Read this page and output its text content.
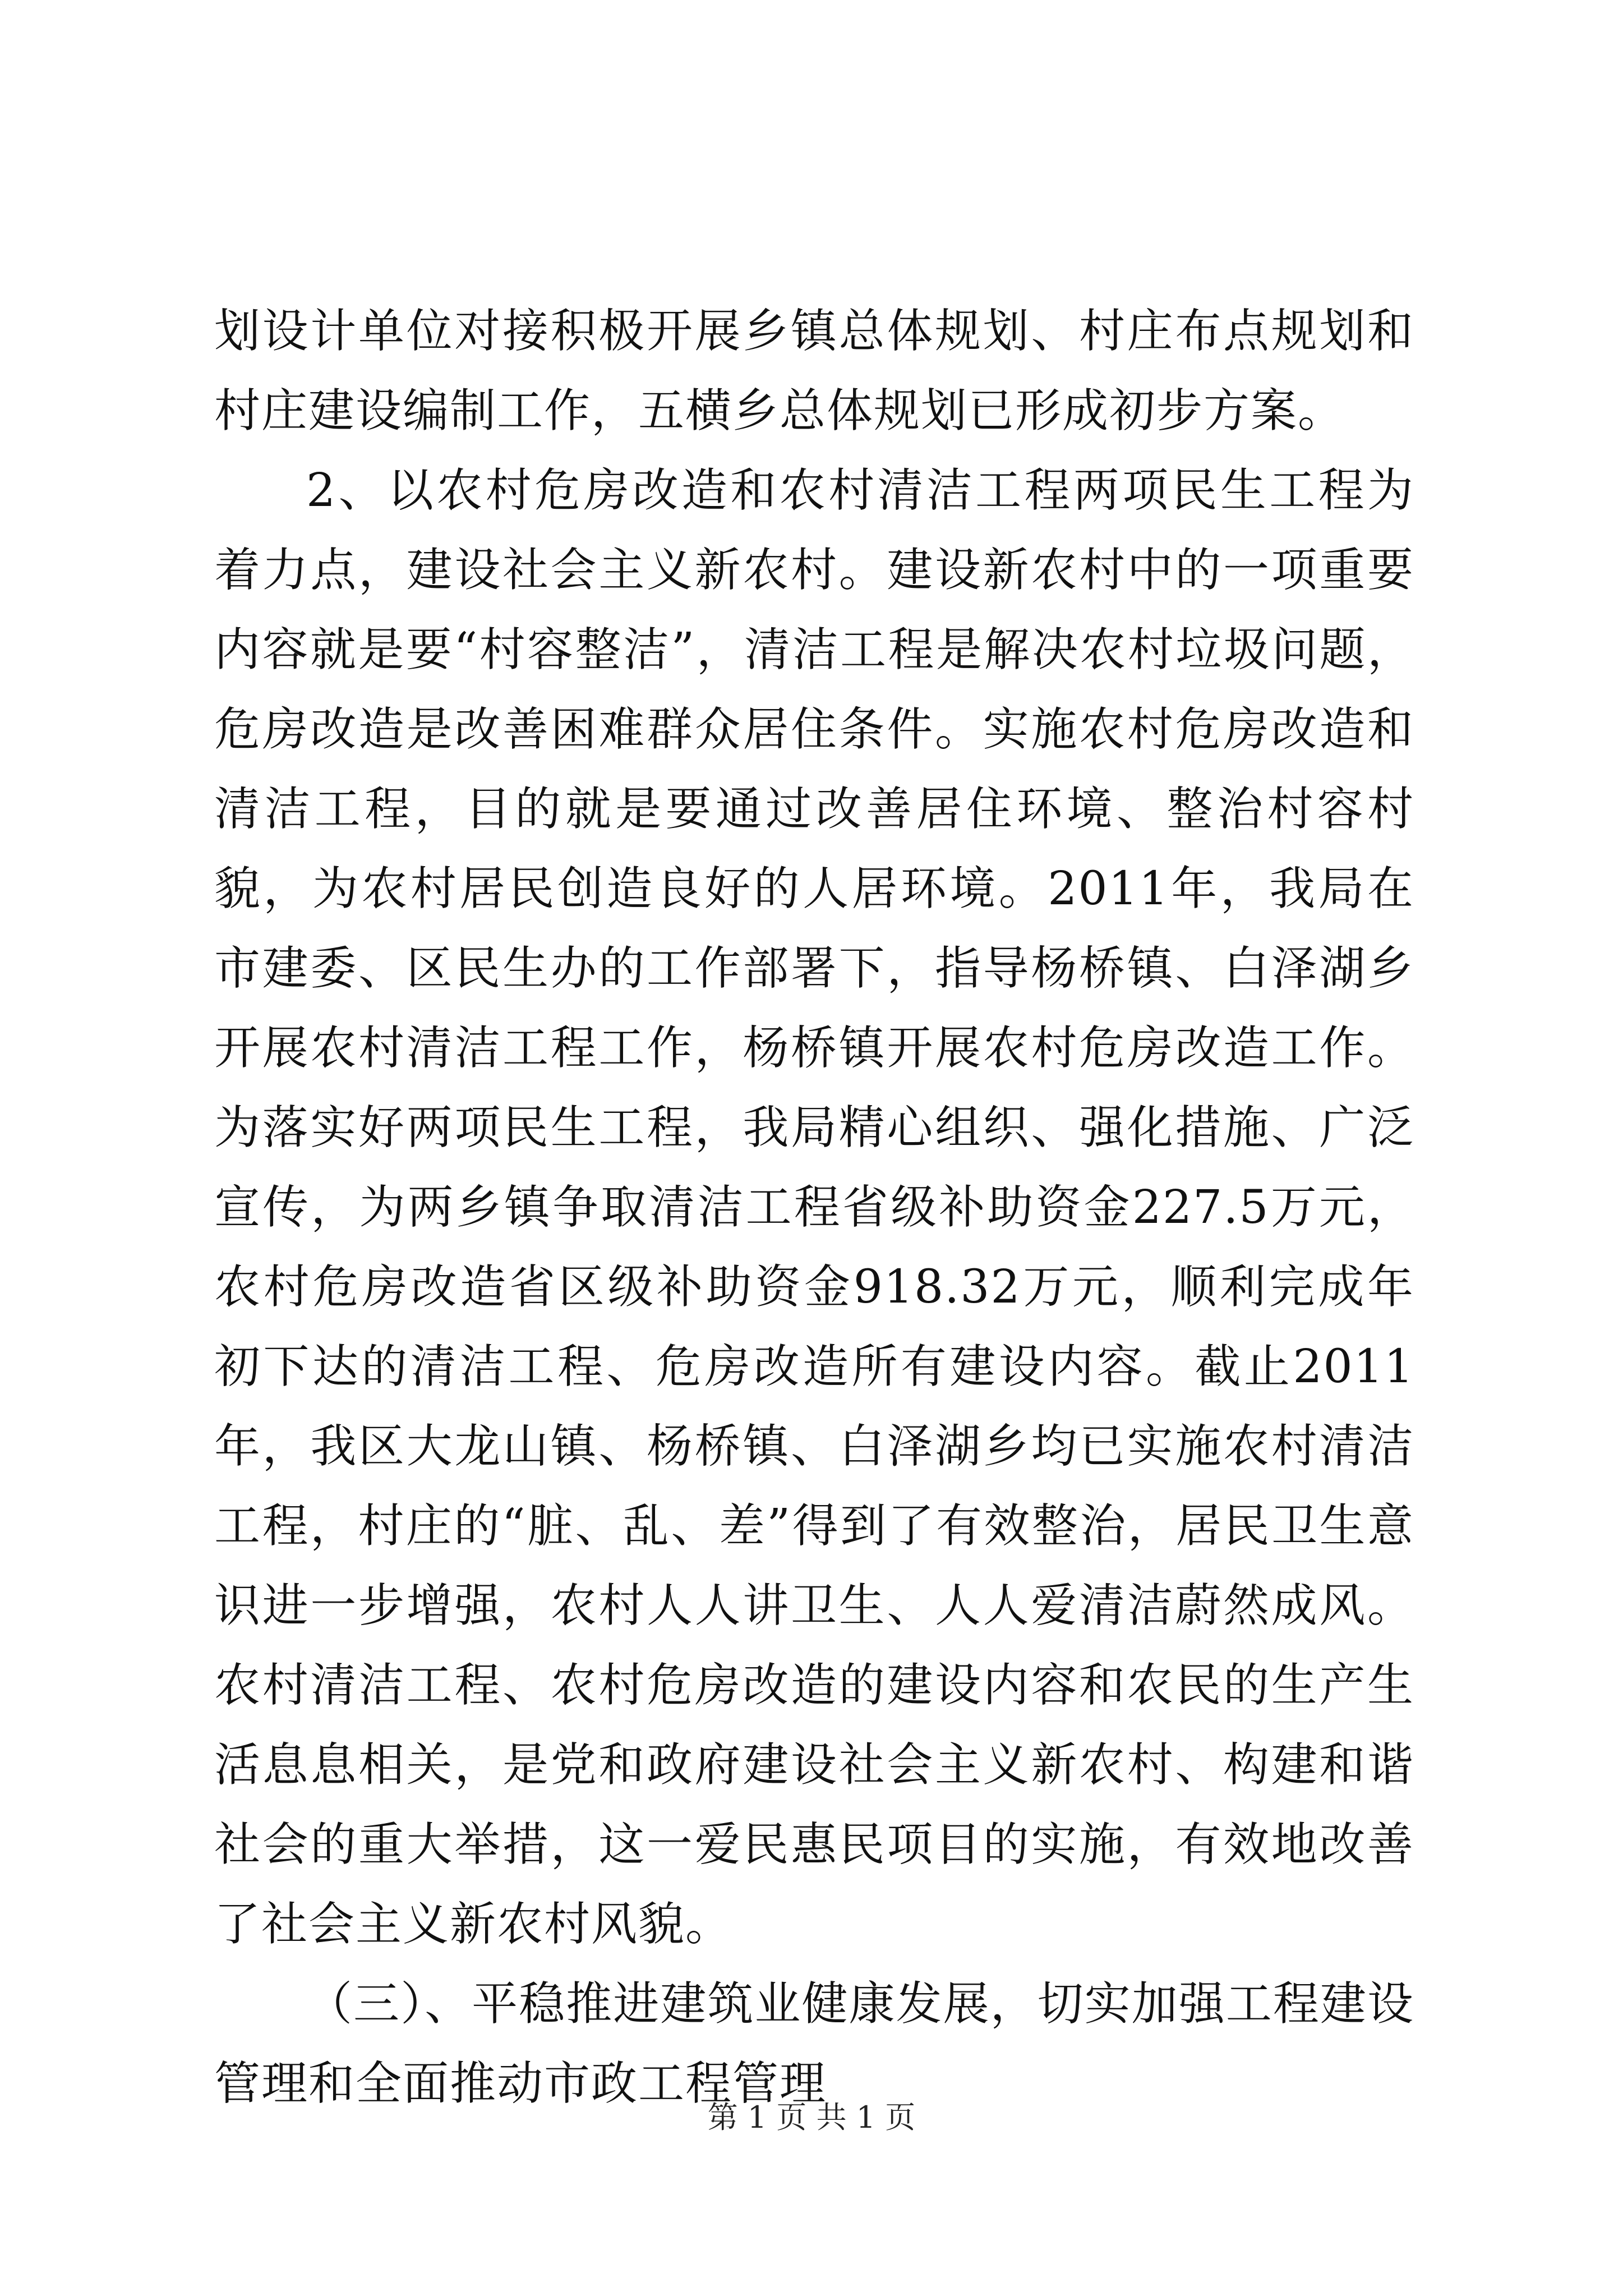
划设计单位对接积极开展乡镇总体规划、村庄布点规划和村庄建设编制工作，五横乡总体规划已形成初步方案。

2、以农村危房改造和农村清洁工程两项民生工程为着力点，建设社会主义新农村。建设新农村中的一项重要内容就是要“村容整洁”，清洁工程是解决农村垃圾问题，危房改造是改善困难群众居住条件。实施农村危房改造和清洁工程，目的就是要通过改善居住环境、整治村容村貌，为农村居民创造良好的人居环境。2011年，我局在市建委、区民生办的工作部署下，指导杨桥镇、白泽湖乡开展农村清洁工程工作，杨桥镇开展农村危房改造工作。为落实好两项民生工程，我局精心组织、强化措施、广泛宣传，为两乡镇争取清洁工程省级补助资金227.5万元，农村危房改造省区级补助资金918.32万元，顺利完成年初下达的清洁工程、危房改造所有建设内容。截止2011年，我区大龙山镇、杨桥镇、白泽湖乡均已实施农村清洁工程，村庄的“脏、乱、差”得到了有效整治，居民卫生意识进一步增强，农村人人讲卫生、人人爱清洁蔚然成风。农村清洁工程、农村危房改造的建设内容和农民的生产生活息息相关，是党和政府建设社会主义新农村、构建和谐社会的重大举措，这一爱民惠民项目的实施，有效地改善了社会主义新农村风貌。

（三）、平稳推进建筑业健康发展，切实加强工程建设管理和全面推动市政工程管理

第 1 页 共 1 页
